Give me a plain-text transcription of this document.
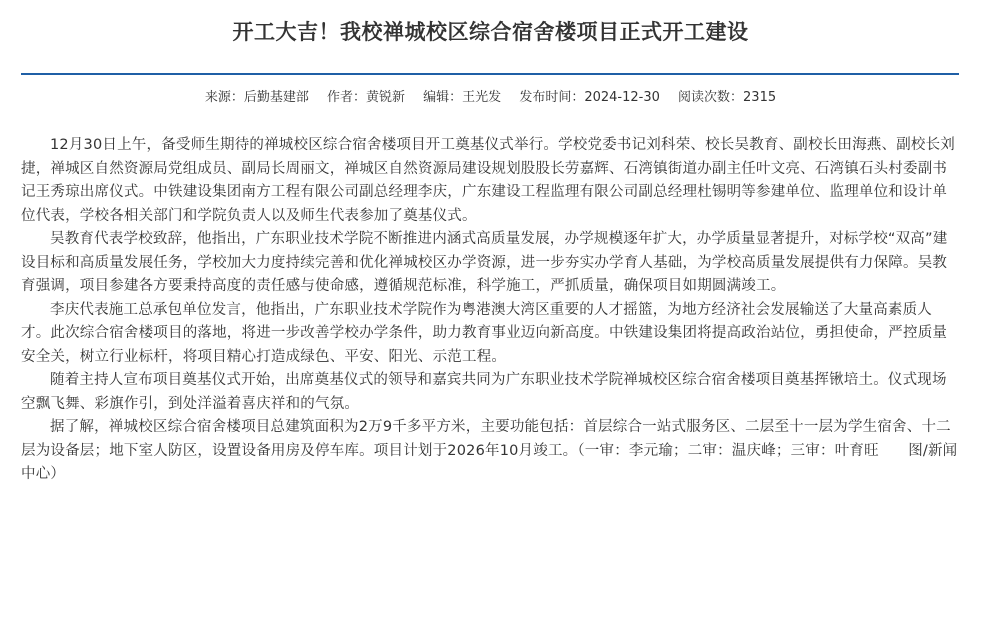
开工大吉！我校禅城校区综合宿舍楼项目正式开工建设
来源：后勤基建部 作者：黄锐新 编辑：王光发 发布时间：2024-12-30 阅读次数：2315

12月30日上午，备受师生期待的禅城校区综合宿舍楼项目开工奠基仪式举行。学校党委书记刘科荣、校长吴教育、副校长田海燕、副校长刘捷，禅城区自然资源局党组成员、副局长周丽文，禅城区自然资源局建设规划股股长劳嘉辉、石湾镇街道办副主任叶文亮、石湾镇石头村委副书记王秀琼出席仪式。中铁建设集团南方工程有限公司副总经理李庆，广东建设工程监理有限公司副总经理杜锡明等参建单位、监理单位和设计单位代表，学校各相关部门和学院负责人以及师生代表参加了奠基仪式。

吴教育代表学校致辞，他指出，广东职业技术学院不断推进内涵式高质量发展，办学规模逐年扩大，办学质量显著提升，对标学校“双高”建设目标和高质量发展任务，学校加大力度持续完善和优化禅城校区办学资源，进一步夯实办学育人基础，为学校高质量发展提供有力保障。吴教育强调，项目参建各方要秉持高度的责任感与使命感，遵循规范标准，科学施工，严抓质量，确保项目如期圆满竣工。

李庆代表施工总承包单位发言，他指出，广东职业技术学院作为粤港澳大湾区重要的人才摇篮，为地方经济社会发展输送了大量高素质人才。此次综合宿舍楼项目的落地，将进一步改善学校办学条件，助力教育事业迈向新高度。中铁建设集团将提高政治站位，勇担使命，严控质量安全关，树立行业标杆，将项目精心打造成绿色、平安、阳光、示范工程。

随着主持人宣布项目奠基仪式开始，出席奠基仪式的领导和嘉宾共同为广东职业技术学院禅城校区综合宿舍楼项目奠基挥锹培土。仪式现场空飘飞舞、彩旗作引，到处洋溢着喜庆祥和的气氛。

据了解，禅城校区综合宿舍楼项目总建筑面积为2万9千多平方米，主要功能包括：首层综合一站式服务区、二层至十一层为学生宿舍、十二层为设备层；地下室人防区，设置设备用房及停车库。项目计划于2026年10月竣工。（一审：李元瑜；二审：温庆峰；三审：叶育旺　　图/新闻中心）
